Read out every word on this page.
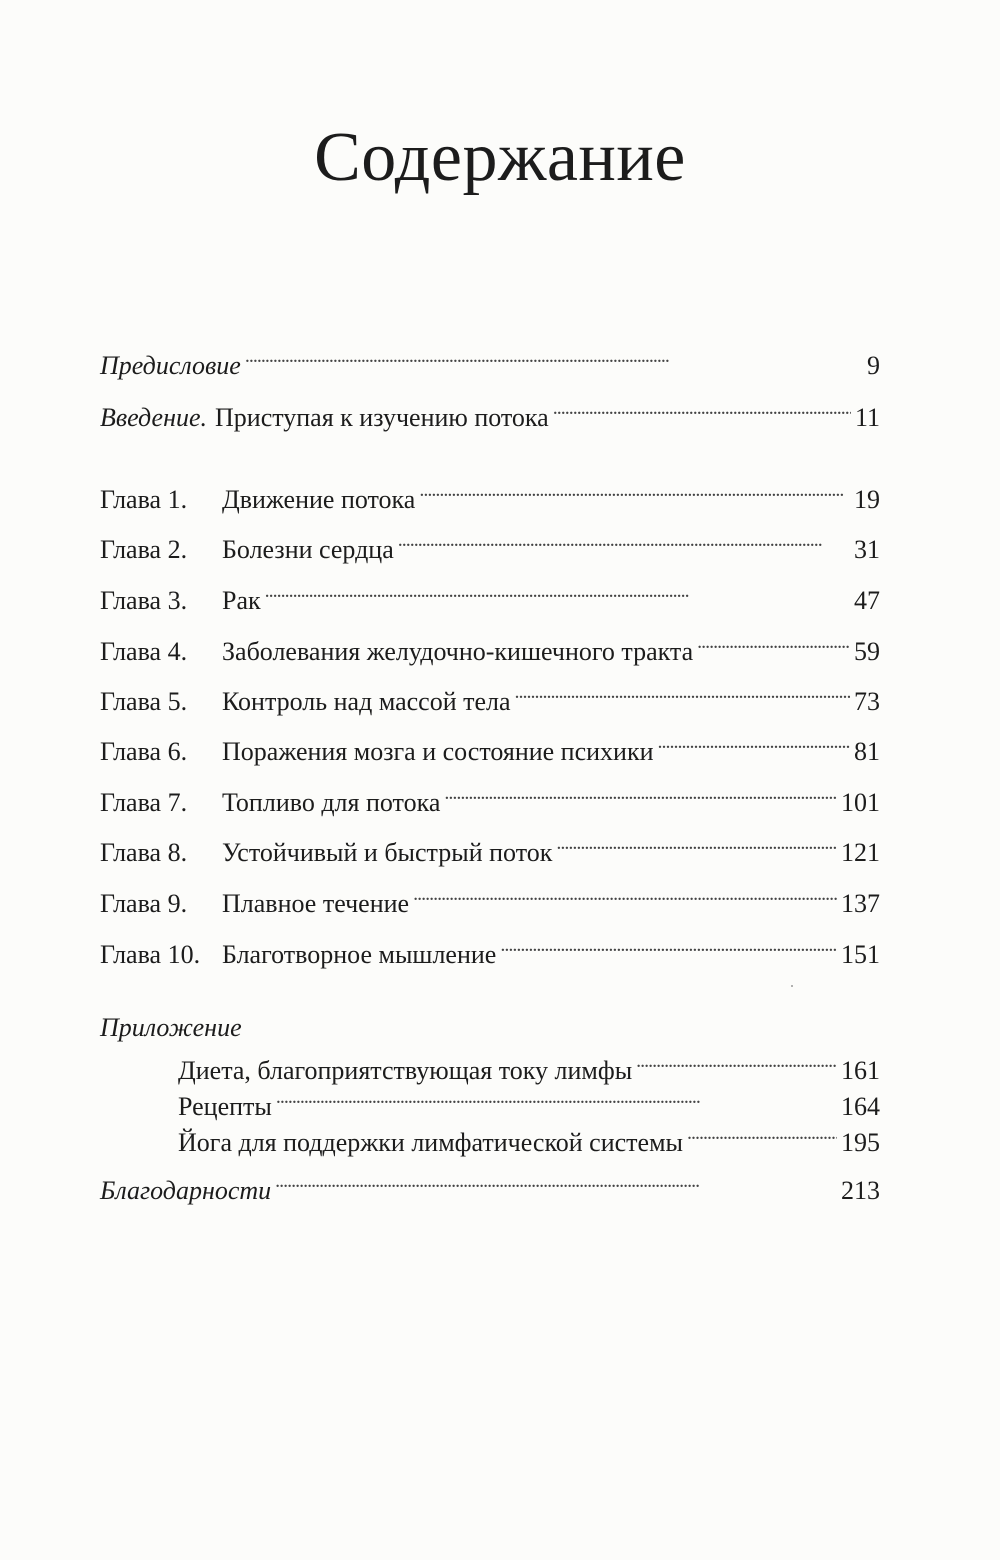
Содержание
Предисловие . . .	9
Введение. Приступая к изучению потока . . .	11
Глава 1.	Движение потока . . .	19
Глава 2.	Болезни сердца . . .	31
Глава 3.	Рак . . .	47
Глава 4.	Заболевания желудочно-кишечного тракта . . .	59
Глава 5.	Контроль над массой тела . . .	73
Глава 6.	Поражения мозга и состояние психики . . .	81
Глава 7.	Топливо для потока . . .	101
Глава 8.	Устойчивый и быстрый поток . . .	121
Глава 9.	Плавное течение . . .	137
Глава 10. Благотворное мышление . . .	151
Приложение
Диета, благоприятствующая току лимфы . . .	161
Рецепты . . .	164
Йога для поддержки лимфатической системы . . .	195
Благодарности . . .	213
